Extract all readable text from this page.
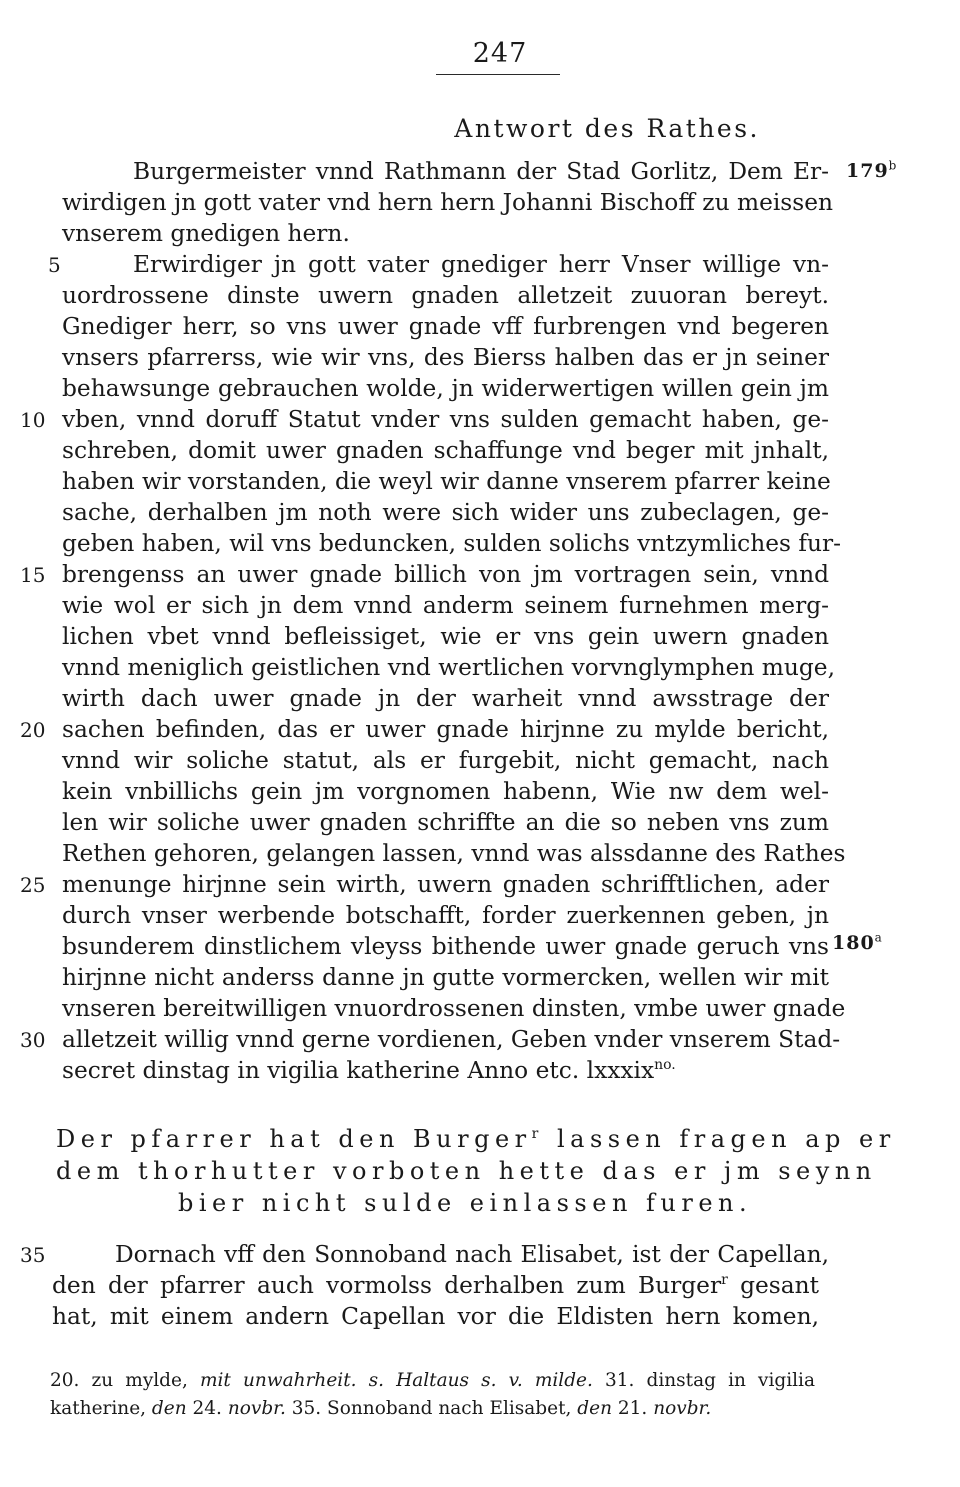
247
Antwort des Rathes.
179$^b$
180$^a$
Burgermeister vnnd Rathmann der Stad Gorlitz, Dem Er-
wirdigen jn gott vater vnd hern hern Johanni Bischoff zu meissen
vnserem gnedigen hern.
Erwirdiger jn gott vater gnediger herr Vnser willige vn-
uordrossene dinste uwern gnaden alletzeit zuuoran bereyt.
Gnediger herr, so vns uwer gnade vff furbrengen vnd begeren
vnsers pfarrerss, wie wir vns, des Bierss halben das er jn seiner
behawsunge gebrauchen wolde, jn widerwertigen willen gein jm
vben, vnnd doruff Statut vnder vns sulden gemacht haben, ge-
schreben, domit uwer gnaden schaffunge vnd beger mit jnhalt,
haben wir vorstanden, die weyl wir danne vnserem pfarrer keine
sache, derhalben jm noth were sich wider uns zubeclagen, ge-
geben haben, wil vns beduncken, sulden solichs vntzymliches fur-
brengenss an uwer gnade billich von jm vortragen sein, vnnd
wie wol er sich jn dem vnnd anderm seinem furnehmen merg-
lichen vbet vnnd befleissiget, wie er vns gein uwern gnaden
vnnd meniglich geistlichen vnd wertlichen vorvnglymphen muge,
wirth dach uwer gnade jn der warheit vnnd awsstrage der
sachen befinden, das er uwer gnade hirjnne zu mylde bericht,
vnnd wir soliche statut, als er furgebit, nicht gemacht, nach
kein vnbillichs gein jm vorgnomen habenn, Wie nw dem wel-
len wir soliche uwer gnaden schriffte an die so neben vns zum
Rethen gehoren, gelangen lassen, vnnd was alssdanne des Rathes
menunge hirjnne sein wirth, uwern gnaden schrifftlichen, ader
durch vnser werbende botschafft, forder zuerkennen geben, jn
bsunderem dinstlichem vleyss bithende uwer gnade geruch vns
hirjnne nicht anderss danne jn gutte vormercken, wellen wir mit
vnseren bereitwilligen vnuordrossenen dinsten, vmbe uwer gnade
alletzeit willig vnnd gerne vordienen, Geben vnder vnserem Stad-
secret dinstag in vigilia katherine Anno etc. lxxxix$^{no.}$
5
10
15
20
25
30
35
Der pfarrer hat den Burger$^r$ lassen fragen ap er
dem thorhutter vorboten hette das er jm seynn
bier nicht sulde einlassen furen.
Dornach vff den Sonnoband nach Elisabet, ist der Capellan,
den der pfarrer auch vormolss derhalben zum Burger$^r$ gesant
hat, mit einem andern Capellan vor die Eldisten hern komen,
20. zu mylde, mit unwahrheit. s. Haltaus s. v. milde. 31. dinstag in vigilia
katherine, den 24. novbr. 35. Sonnoband nach Elisabet, den 21. novbr.
